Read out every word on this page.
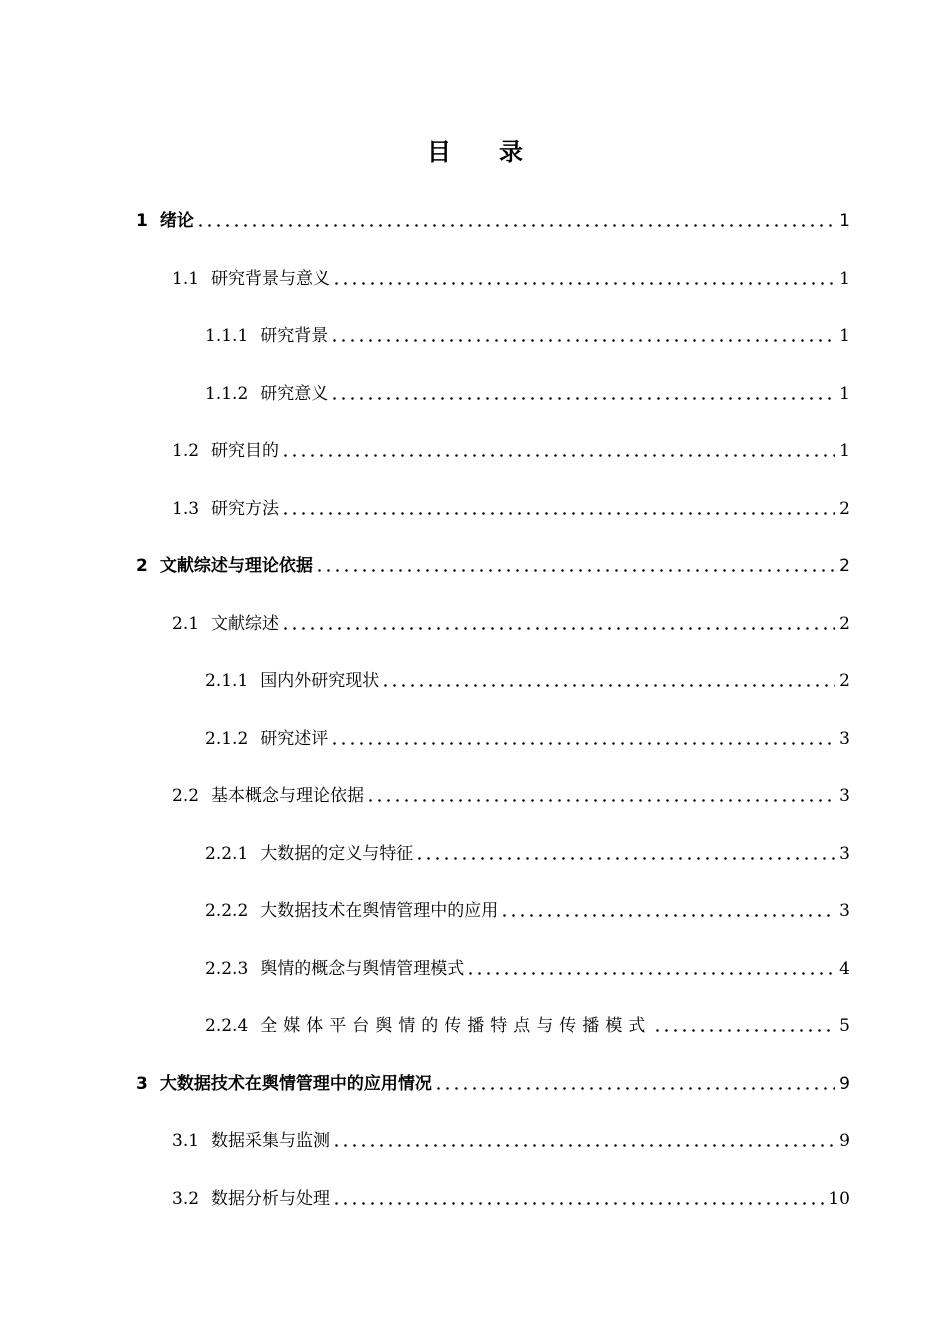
目 录
1 绪论	1
1.1 研究背景与意义	1
1.1.1 研究背景	1
1.1.2 研究意义	1
1.2 研究目的	1
1.3 研究方法	2
2 文献综述与理论依据	2
2.1 文献综述	2
2.1.1 国内外研究现状	2
2.1.2 研究述评	3
2.2 基本概念与理论依据	3
2.2.1 大数据的定义与特征	3
2.2.2 大数据技术在舆情管理中的应用	3
2.2.3 舆情的概念与舆情管理模式	4
2.2.4 全媒体平台舆情的传播特点与传播模式	5
3 大数据技术在舆情管理中的应用情况	9
3.1 数据采集与监测	9
3.2 数据分析与处理	10
